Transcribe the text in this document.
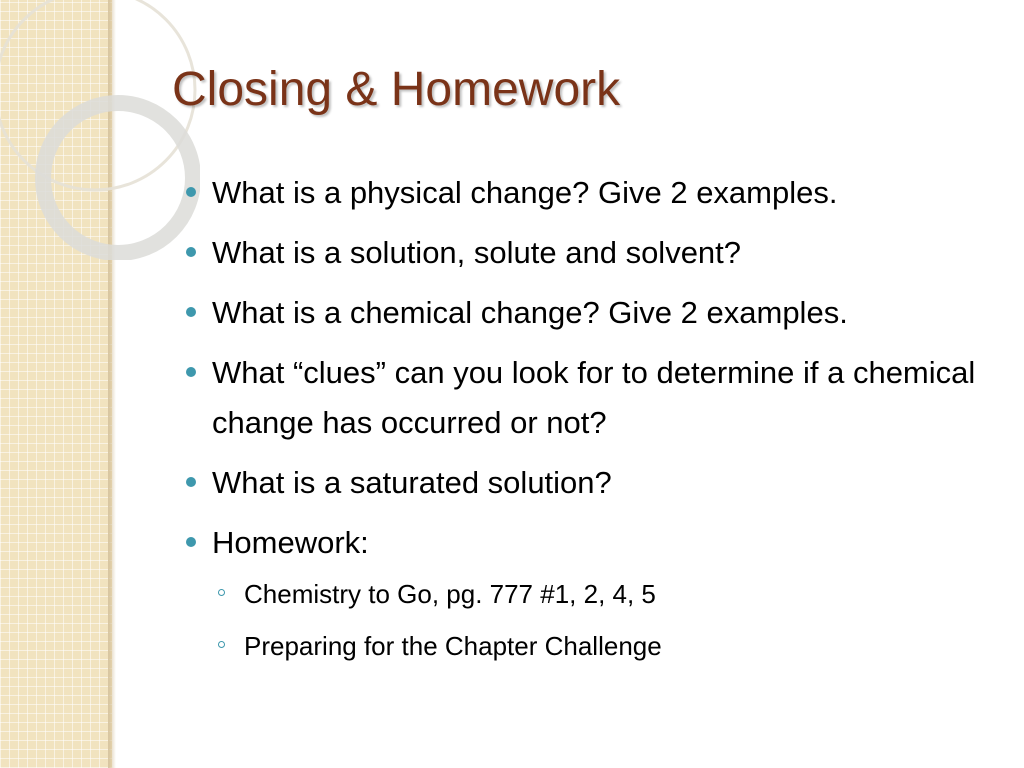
Closing & Homework
What is a physical change? Give 2 examples.
What is a solution, solute and solvent?
What is a chemical change? Give 2 examples.
What “clues” can you look for to determine if a chemical change has occurred or not?
What is a saturated solution?
Homework:
Chemistry to Go, pg. 777 #1, 2, 4, 5
Preparing for the Chapter Challenge
